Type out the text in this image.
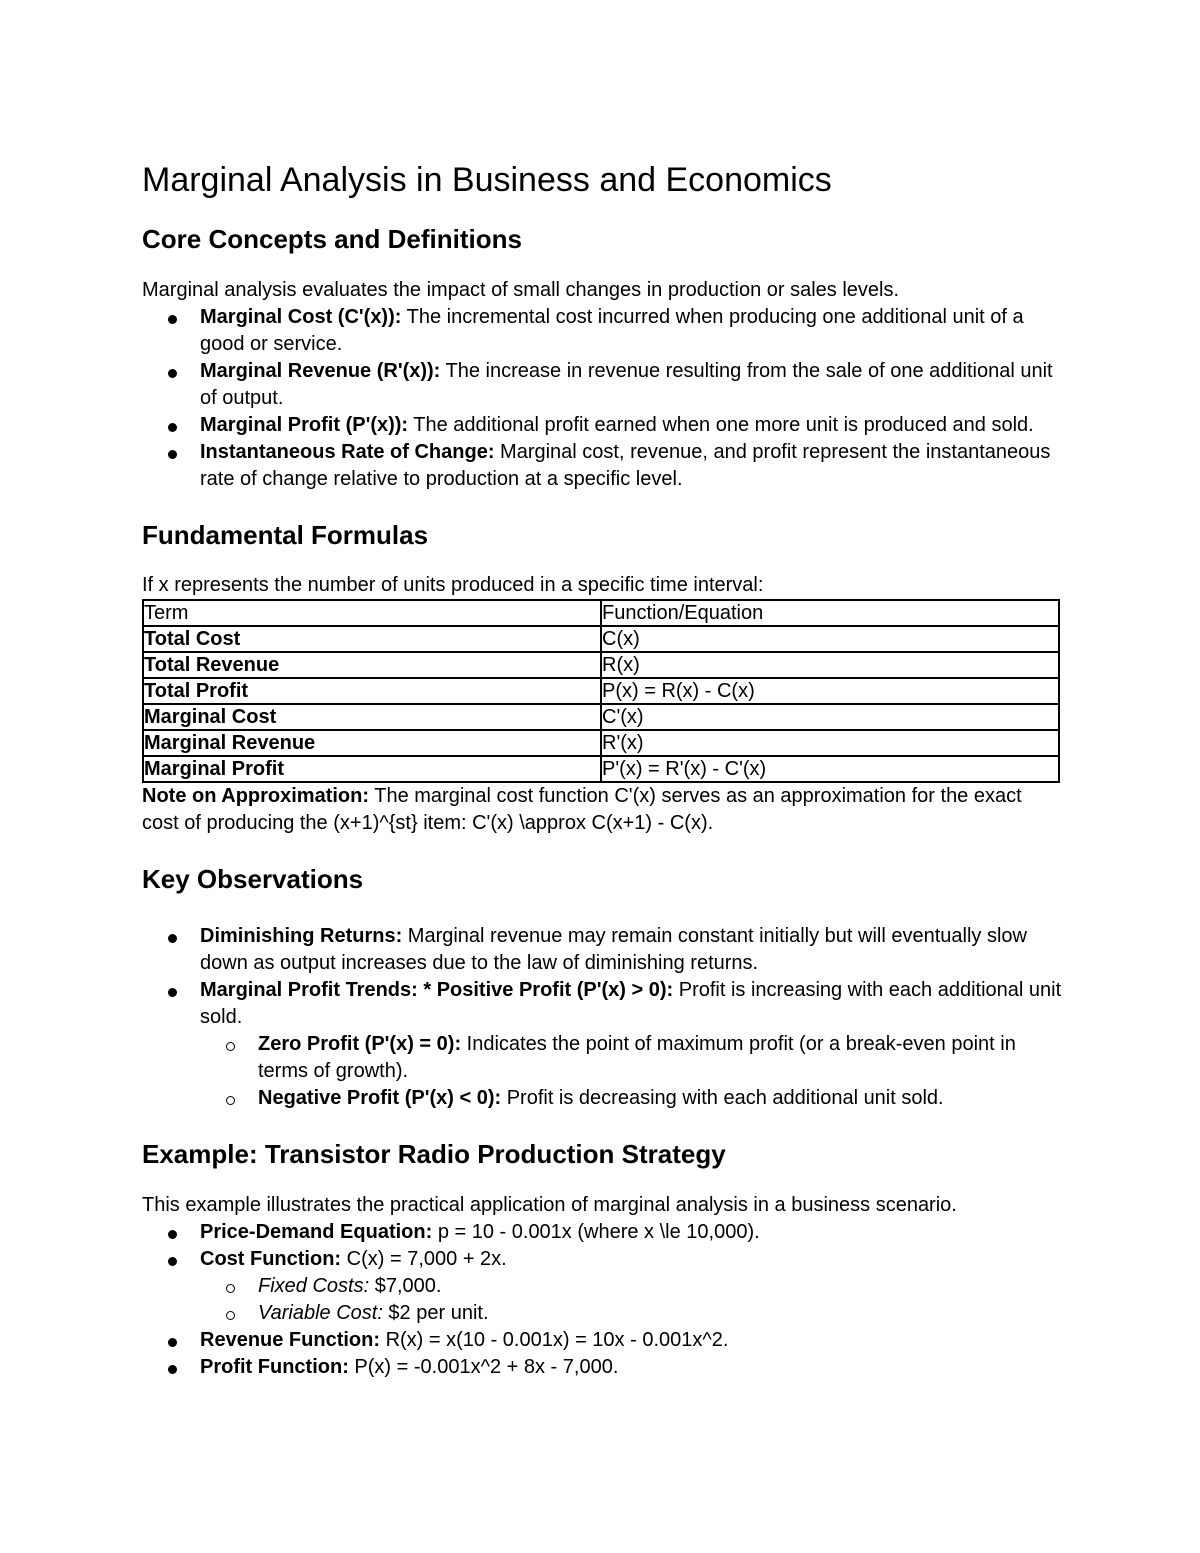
Marginal Analysis in Business and Economics
Core Concepts and Definitions

Marginal analysis evaluates the impact of small changes in production or sales levels.

Marginal Cost (C'(x)): The incremental cost incurred when producing one additional unit of a good or service.
Marginal Revenue (R'(x)): The increase in revenue resulting from the sale of one additional unit of output.
Marginal Profit (P'(x)): The additional profit earned when one more unit is produced and sold.
Instantaneous Rate of Change: Marginal cost, revenue, and profit represent the instantaneous rate of change relative to production at a specific level.
Fundamental Formulas

If x represents the number of units produced in a specific time interval:

Term	Function/Equation
Total Cost	C(x)
Total Revenue	R(x)
Total Profit	P(x) = R(x) - C(x)
Marginal Cost	C'(x)
Marginal Revenue	R'(x)
Marginal Profit	P'(x) = R'(x) - C'(x)

Note on Approximation: The marginal cost function C'(x) serves as an approximation for the exact cost of producing the (x+1)^{st} item: C'(x) \approx C(x+1) - C(x).

Key Observations
Diminishing Returns: Marginal revenue may remain constant initially but will eventually slow down as output increases due to the law of diminishing returns.
Marginal Profit Trends: * Positive Profit (P'(x) > 0): Profit is increasing with each additional unit sold.
Zero Profit (P'(x) = 0): Indicates the point of maximum profit (or a break-even point in terms of growth).
Negative Profit (P'(x) < 0): Profit is decreasing with each additional unit sold.
Example: Transistor Radio Production Strategy

This example illustrates the practical application of marginal analysis in a business scenario.

Price-Demand Equation: p = 10 - 0.001x (where x \le 10,000).
Cost Function: C(x) = 7,000 + 2x.
Fixed Costs: $7,000.
Variable Cost: $2 per unit.
Revenue Function: R(x) = x(10 - 0.001x) = 10x - 0.001x^2.
Profit Function: P(x) = -0.001x^2 + 8x - 7,000.
